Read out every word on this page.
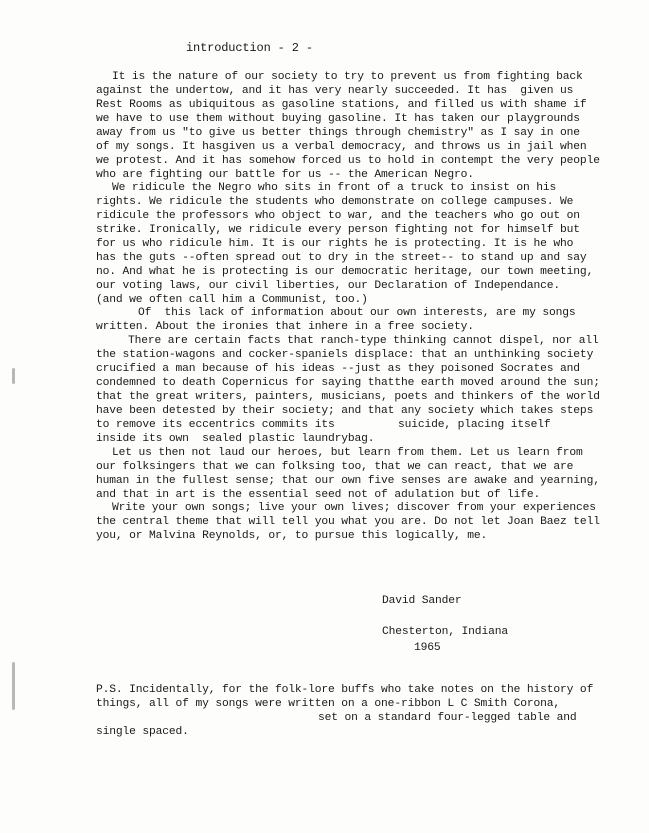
introduction - 2 -
It is the nature of our society to try to prevent us from fighting back
against the undertow, and it has very nearly succeeded. It has  given us
Rest Rooms as ubiquitous as gasoline stations, and filled us with shame if
we have to use them without buying gasoline. It has taken our playgrounds
away from us "to give us better things through chemistry" as I say in one
of my songs. It hasgiven us a verbal democracy, and throws us in jail when
we protest. And it has somehow forced us to hold in contempt the very people
who are fighting our battle for us -- the American Negro.
We ridicule the Negro who sits in front of a truck to insist on his
rights. We ridicule the students who demonstrate on college campuses. We
ridicule the professors who object to war, and the teachers who go out on
strike. Ironically, we ridicule every person fighting not for himself but
for us who ridicule him. It is our rights he is protecting. It is he who
has the guts --often spread out to dry in the street-- to stand up and say
no. And what he is protecting is our democratic heritage, our town meeting,
our voting laws, our civil liberties, our Declaration of Independance.
(and we often call him a Communist, too.)
Of  this lack of information about our own interests, are my songs
written. About the ironies that inhere in a free society.
There are certain facts that ranch-type thinking cannot dispel, nor all
the station-wagons and cocker-spaniels displace: that an unthinking society
crucified a man because of his ideas --just as they poisoned Socrates and
condemned to death Copernicus for saying thatthe earth moved around the sun;
that the great writers, painters, musicians, poets and thinkers of the world
have been detested by their society; and that any society which takes steps
to remove its eccentrics commits its	suicide, placing itself
inside its own  sealed plastic laundrybag.
Let us then not laud our heroes, but learn from them. Let us learn from
our folksingers that we can folksing too, that we can react, that we are
human in the fullest sense; that our own five senses are awake and yearning,
and that in art is the essential seed not of adulation but of life.
Write your own songs; live your own lives; discover from your experiences
the central theme that will tell you what you are. Do not let Joan Baez tell
you, or Malvina Reynolds, or, to pursue this logically, me.
David Sander
Chesterton, Indiana
1965
P.S. Incidentally, for the folk-lore buffs who take notes on the history of
things, all of my songs were written on a one-ribbon L C Smith Corona,
set on a standard four-legged table and
single spaced.
